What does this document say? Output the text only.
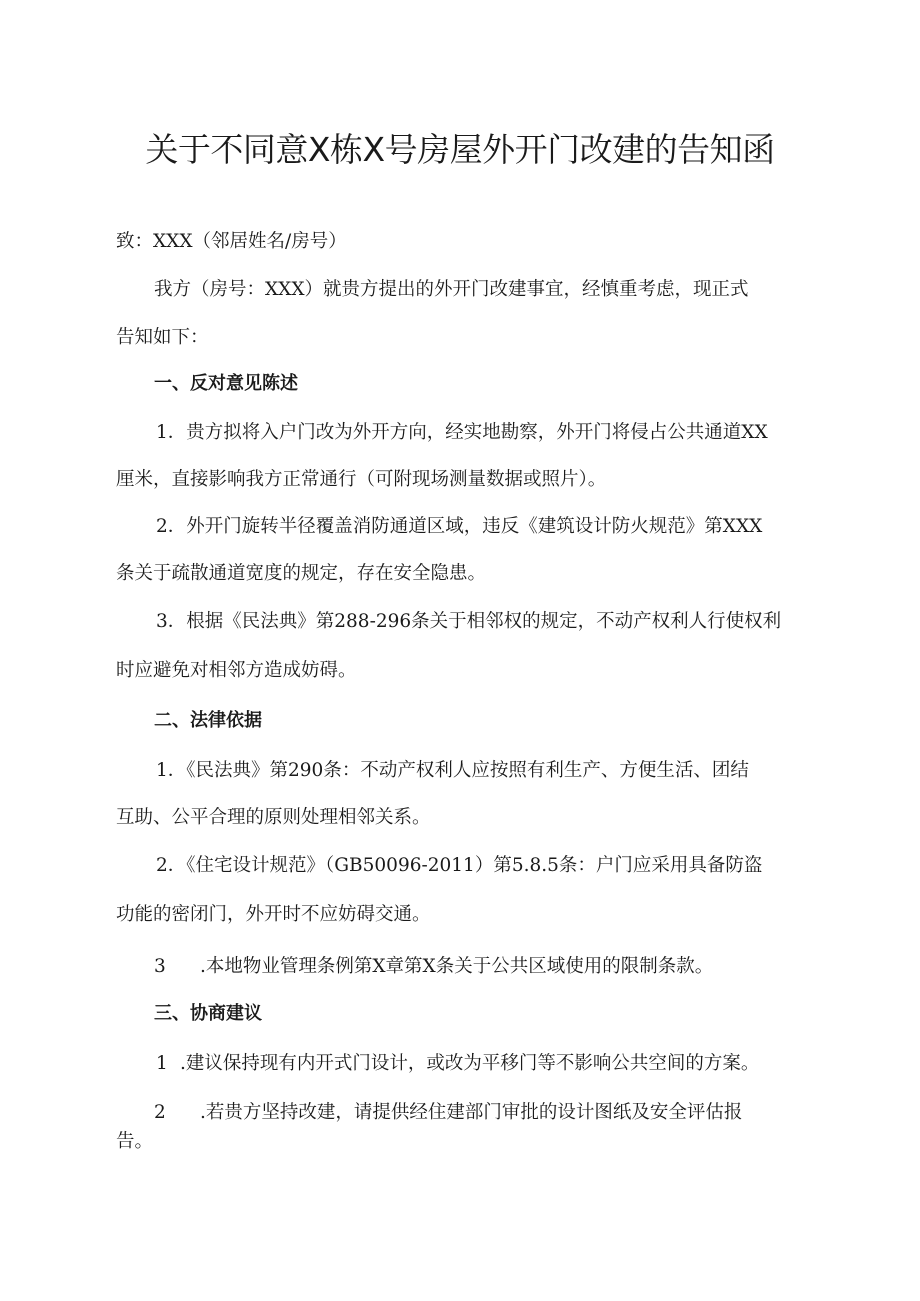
关于不同意X栋X号房屋外开门改建的告知函
致：XXX（邻居姓名/房号）
我方（房号：XXX）就贵方提出的外开门改建事宜，经慎重考虑，现正式
告知如下：
一、反对意见陈述
1．贵方拟将入户门改为外开方向，经实地勘察，外开门将侵占公共通道XX
厘米，直接影响我方正常通行（可附现场测量数据或照片）。
2．外开门旋转半径覆盖消防通道区域，违反《建筑设计防火规范》第XXX
条关于疏散通道宽度的规定，存在安全隐患。
3．根据《民法典》第288-296条关于相邻权的规定，不动产权利人行使权利
时应避免对相邻方造成妨碍。
二、法律依据
1．《民法典》第290条：不动产权利人应按照有利生产、方便生活、团结
互助、公平合理的原则处理相邻关系。
2．《住宅设计规范》（GB50096-2011）第5.8.5条：户门应采用具备防盗
功能的密闭门，外开时不应妨碍交通。
3	.本地物业管理条例第X章第X条关于公共区域使用的限制条款。
三、协商建议
1 .建议保持现有内开式门设计，或改为平移门等不影响公共空间的方案。
2	.若贵方坚持改建，请提供经住建部门审批的设计图纸及安全评估报
告。
